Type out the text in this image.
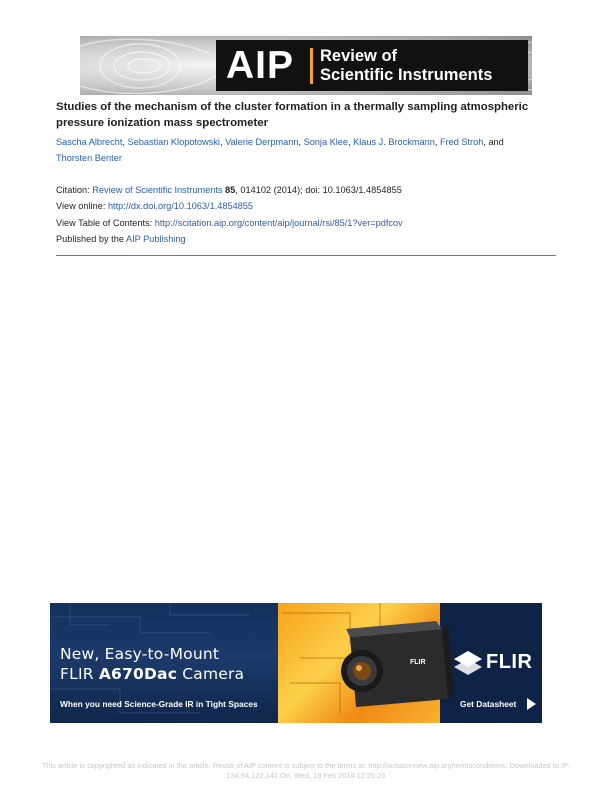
AIP Review of
Scientific Instruments
Studies of the mechanism of the cluster formation in a thermally sampling atmospheric pressure ionization mass spectrometer
Sascha Albrecht, Sebastian Klopotowski, Valerie Derpmann, Sonja Klee, Klaus J. Brockmann, Fred Stroh, and
Thorsten Benter
Citation: Review of Scientific Instruments 85, 014102 (2014); doi: 10.1063/1.4854855
View online: http://dx.doi.org/10.1063/1.4854855
View Table of Contents: http://scitation.aip.org/content/aip/journal/rsi/85/1?ver=pdfcov
Published by the AIP Publishing
FLIR
FLIR
New, Easy-to-Mount
FLIR A670Dac Camera
When you need Science-Grade IR in Tight Spaces	Get Datasheet
This article is copyrighted as indicated in the article. Reuse of AIP content is subject to the terms at: http://scitationnew.aip.org/termsconditions. Downloaded to IP:
134.94.122.141 On: Wed, 19 Feb 2014 12:25:26
